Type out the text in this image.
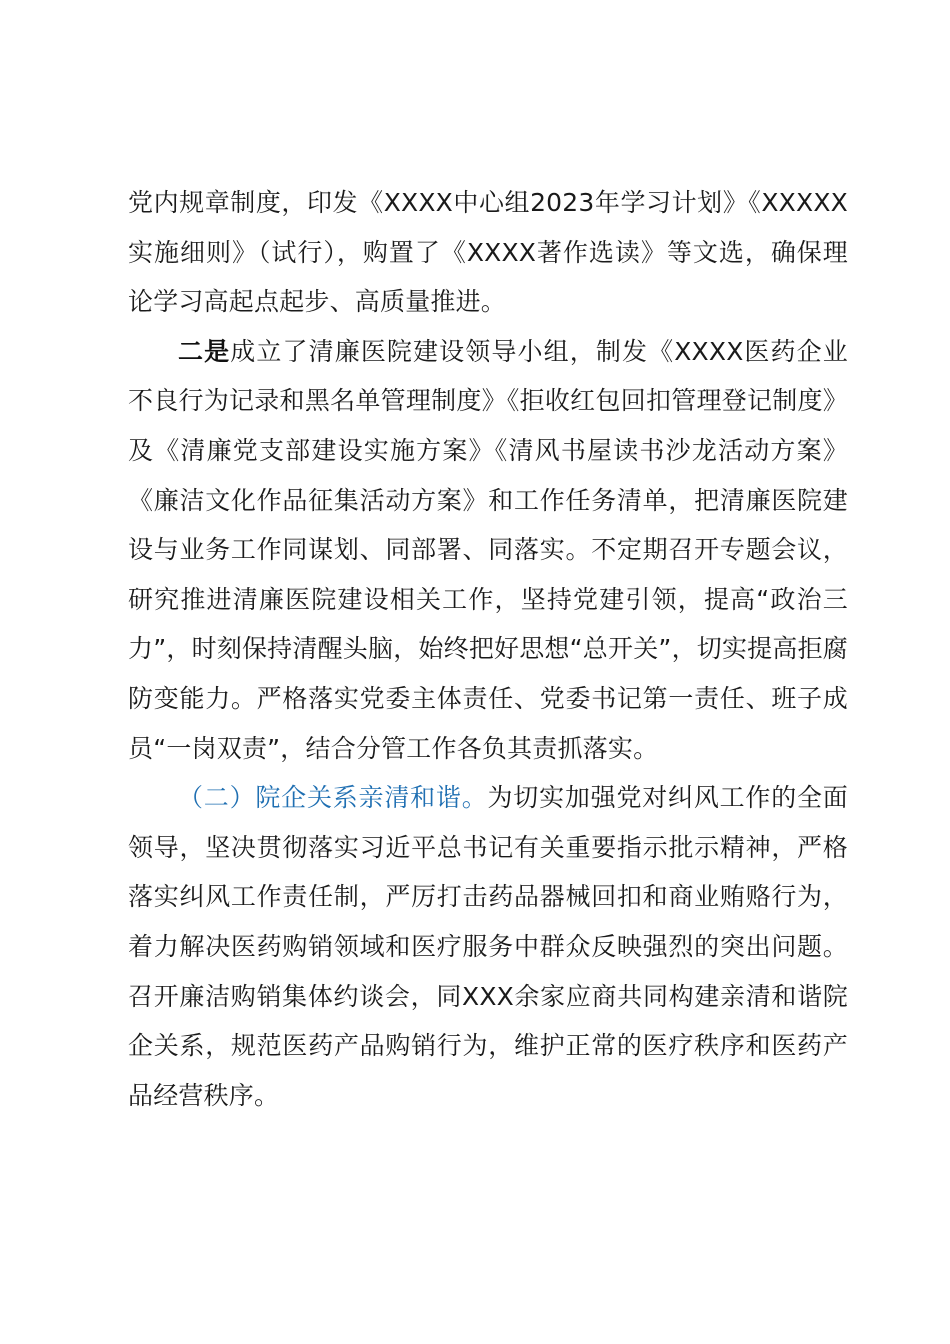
党内规章制度，印发《XXXX中心组2023年学习计划》《XXXXX实施细则》（试行），购置了《XXXX著作选读》等文选，确保理论学习高起点起步、高质量推进。

二是成立了清廉医院建设领导小组，制发《XXXX医药企业不良行为记录和黑名单管理制度》《拒收红包回扣管理登记制度》及《清廉党支部建设实施方案》《清风书屋读书沙龙活动方案》《廉洁文化作品征集活动方案》和工作任务清单，把清廉医院建设与业务工作同谋划、同部署、同落实。不定期召开专题会议，研究推进清廉医院建设相关工作，坚持党建引领，提高“政治三力”，时刻保持清醒头脑，始终把好思想“总开关”，切实提高拒腐防变能力。严格落实党委主体责任、党委书记第一责任、班子成员“一岗双责”，结合分管工作各负其责抓落实。

（二）院企关系亲清和谐。为切实加强党对纠风工作的全面领导，坚决贯彻落实习近平总书记有关重要指示批示精神，严格落实纠风工作责任制，严厉打击药品器械回扣和商业贿赂行为，着力解决医药购销领域和医疗服务中群众反映强烈的突出问题。召开廉洁购销集体约谈会，同XXX余家应商共同构建亲清和谐院企关系，规范医药产品购销行为，维护正常的医疗秩序和医药产品经营秩序。
